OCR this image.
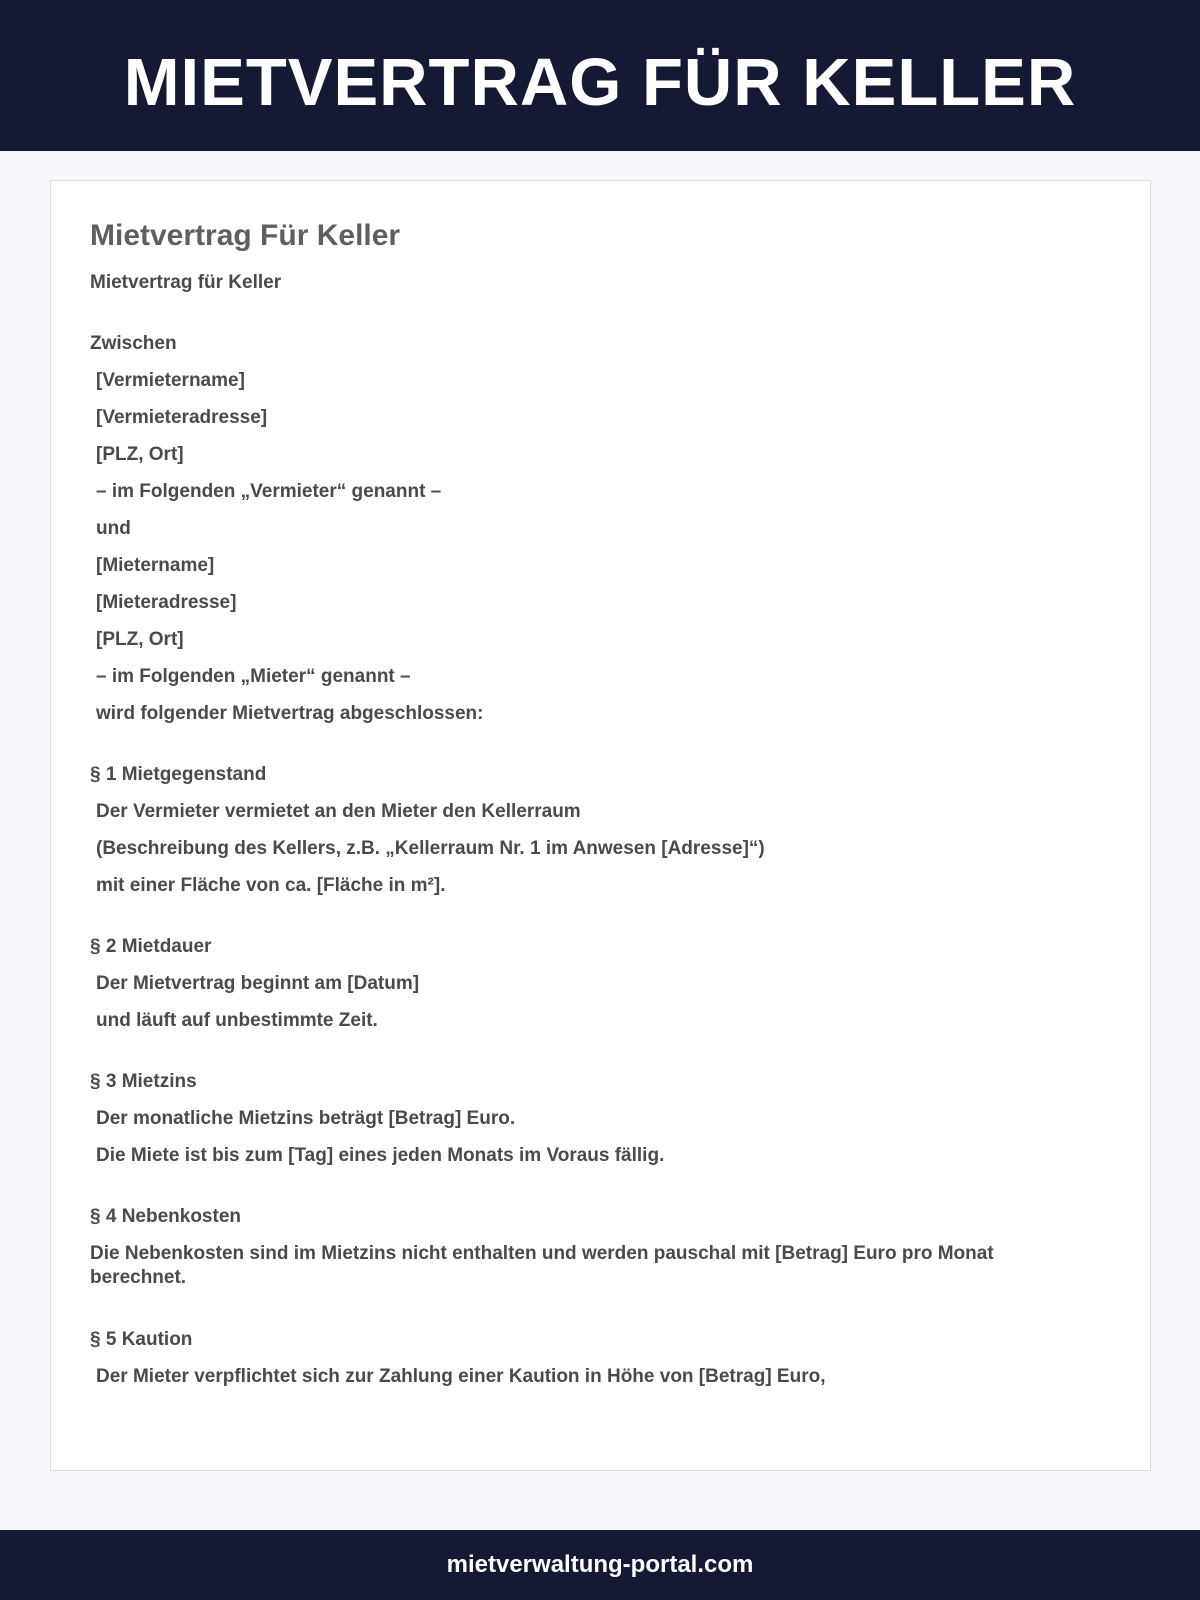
MIETVERTRAG FÜR KELLER
Mietvertrag Für Keller
Mietvertrag für Keller
Zwischen
[Vermietername]
[Vermieteradresse]
[PLZ, Ort]
– im Folgenden „Vermieter“ genannt –
und
[Mietername]
[Mieteradresse]
[PLZ, Ort]
– im Folgenden „Mieter“ genannt –
wird folgender Mietvertrag abgeschlossen:
§ 1 Mietgegenstand
Der Vermieter vermietet an den Mieter den Kellerraum
(Beschreibung des Kellers, z.B. „Kellerraum Nr. 1 im Anwesen [Adresse]“)
mit einer Fläche von ca. [Fläche in m²].
§ 2 Mietdauer
Der Mietvertrag beginnt am [Datum]
und läuft auf unbestimmte Zeit.
§ 3 Mietzins
Der monatliche Mietzins beträgt [Betrag] Euro.
Die Miete ist bis zum [Tag] eines jeden Monats im Voraus fällig.
§ 4 Nebenkosten
Die Nebenkosten sind im Mietzins nicht enthalten und werden pauschal mit [Betrag] Euro pro Monat berechnet.
§ 5 Kaution
Der Mieter verpflichtet sich zur Zahlung einer Kaution in Höhe von [Betrag] Euro,
mietverwaltung-portal.com
